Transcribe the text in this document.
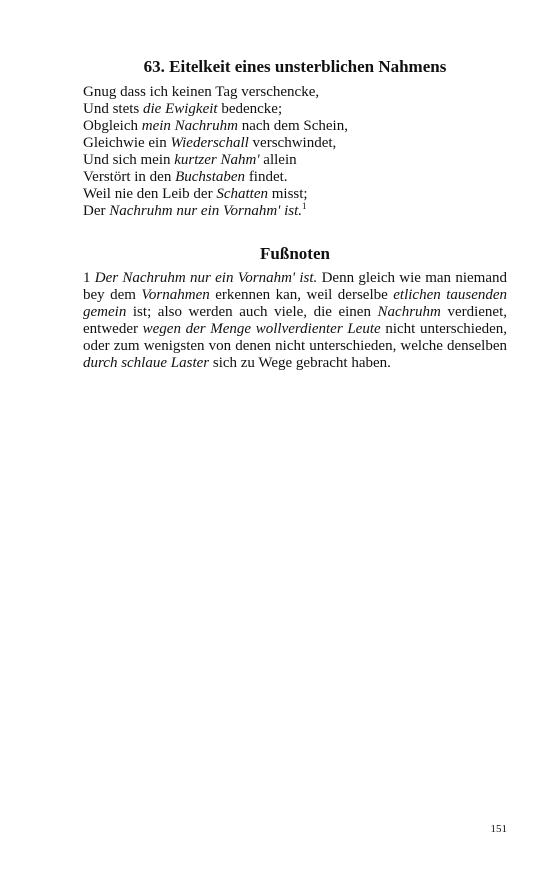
63. Eitelkeit eines unsterblichen Nahmens
Gnug dass ich keinen Tag verschencke,
Und stets die Ewigkeit bedencke;
Obgleich mein Nachruhm nach dem Schein,
Gleichwie ein Wiederschall verschwindet,
Und sich mein kurtzer Nahm' allein
Verstört in den Buchstaben findet.
Weil nie den Leib der Schatten misst;
Der Nachruhm nur ein Vornahm' ist.$^1$
Fußnoten

1 Der Nachruhm nur ein Vornahm' ist. Denn gleich wie man niemand bey dem Vornahmen erkennen kan, weil derselbe etlichen tausenden gemein ist; also werden auch viele, die einen Nachruhm verdienet, entweder wegen der Menge wollverdienter Leute nicht unterschieden, oder zum wenigsten von denen nicht unterschieden, welche denselben durch schlaue Laster sich zu Wege gebracht haben.

151
